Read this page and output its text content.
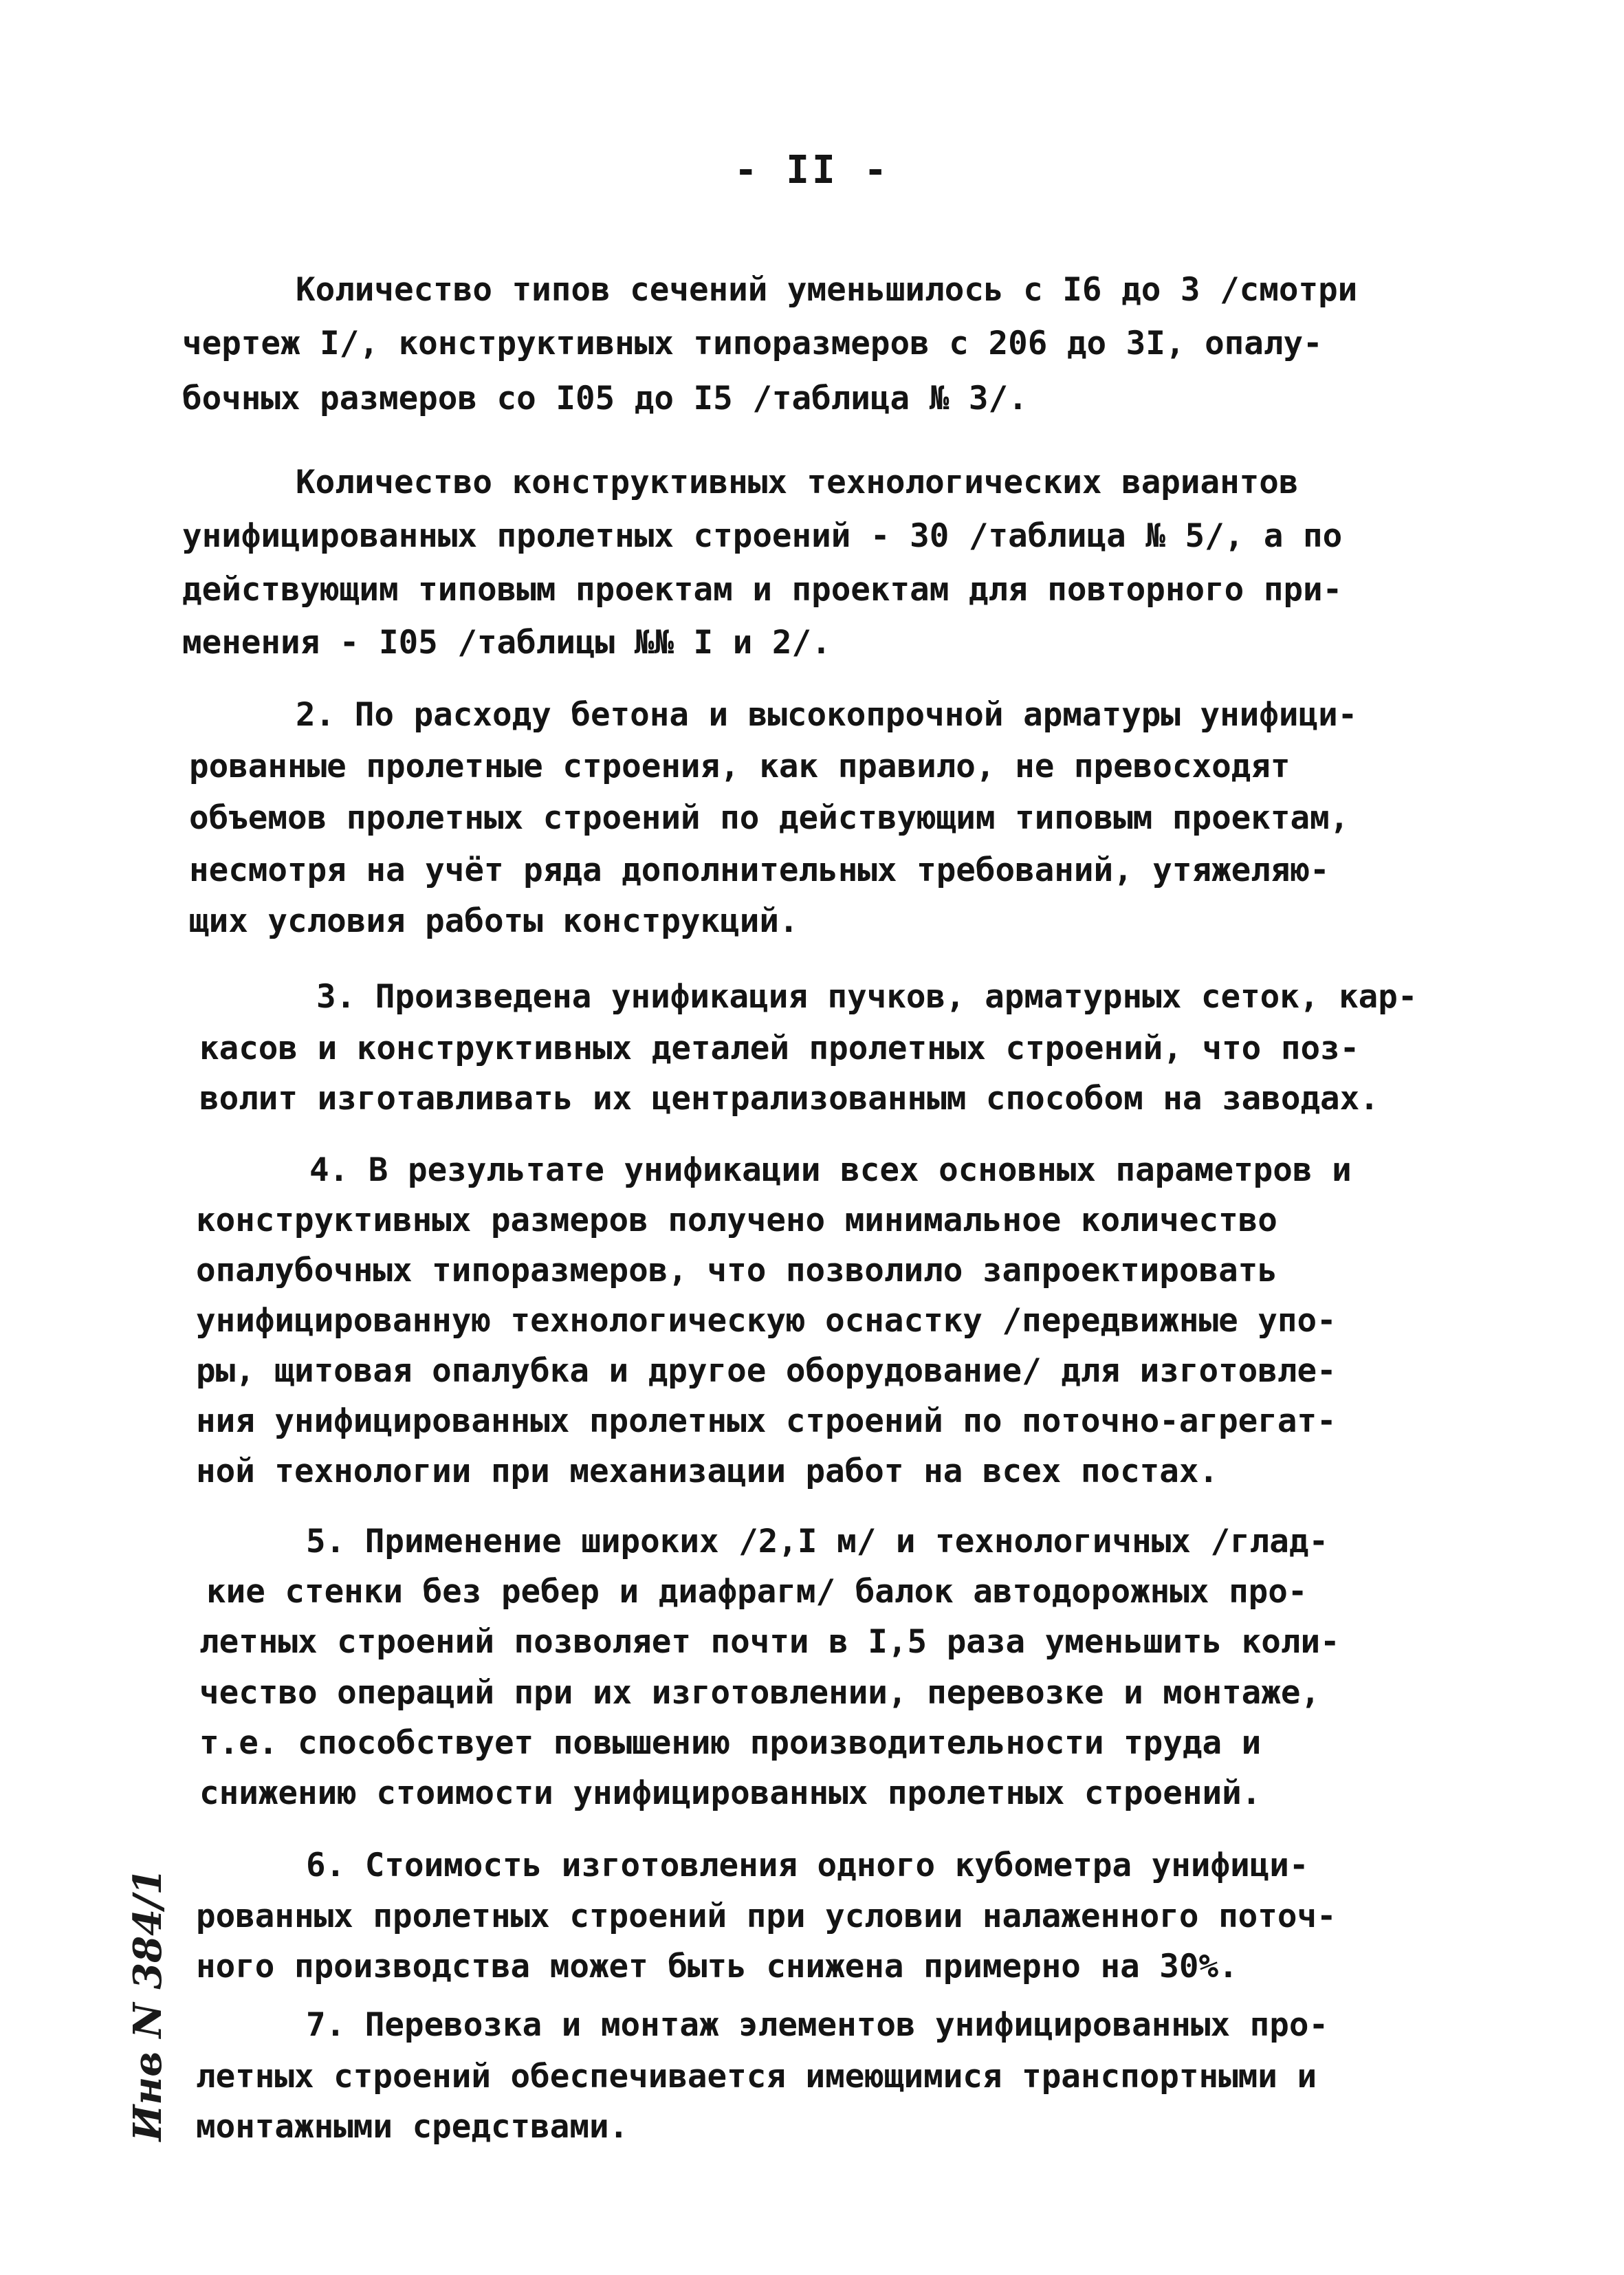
- II -
Количество типов сечений уменьшилось с I6 до 3 /смотри
чертеж I/, конструктивных типоразмеров с 206 до 3I, опалу-
бочных размеров со I05 до I5 /таблица № 3/.
Количество конструктивных технологических вариантов
унифицированных пролетных строений - 30 /таблица № 5/, а по
действующим типовым проектам и проектам для повторного при-
менения - I05 /таблицы №№ I и 2/.
2. По расходу бетона и высокопрочной арматуры унифици-
рованные пролетные строения, как правило, не превосходят
объемов пролетных строений по действующим типовым проектам,
несмотря на учёт ряда дополнительных требований, утяжеляю-
щих условия работы конструкций.
3. Произведена унификация пучков, арматурных сеток, кар-
касов и конструктивных деталей пролетных строений, что поз-
волит изготавливать их централизованным способом на заводах.
4. В результате унификации всех основных параметров и
конструктивных размеров получено минимальное количество
опалубочных типоразмеров, что позволило запроектировать
унифицированную технологическую оснастку /передвижные упо-
ры, щитовая опалубка и другое оборудование/ для изготовле-
ния унифицированных пролетных строений по поточно-агрегат-
ной технологии при механизации работ на всех постах.
5. Применение широких /2,I м/ и технологичных /глад-
кие стенки без ребер и диафрагм/ балок автодорожных про-
летных строений позволяет почти в I,5 раза уменьшить коли-
чество операций при их изготовлении, перевозке и монтаже,
т.е. способствует повышению производительности труда и
снижению стоимости унифицированных пролетных строений.
6. Стоимость изготовления одного кубометра унифици-
рованных пролетных строений при условии налаженного поточ-
ного производства может быть снижена примерно на 30%.
7. Перевозка и монтаж элементов унифицированных про-
летных строений обеспечивается имеющимися транспортными и
монтажными средствами.
Инв N 384/1
